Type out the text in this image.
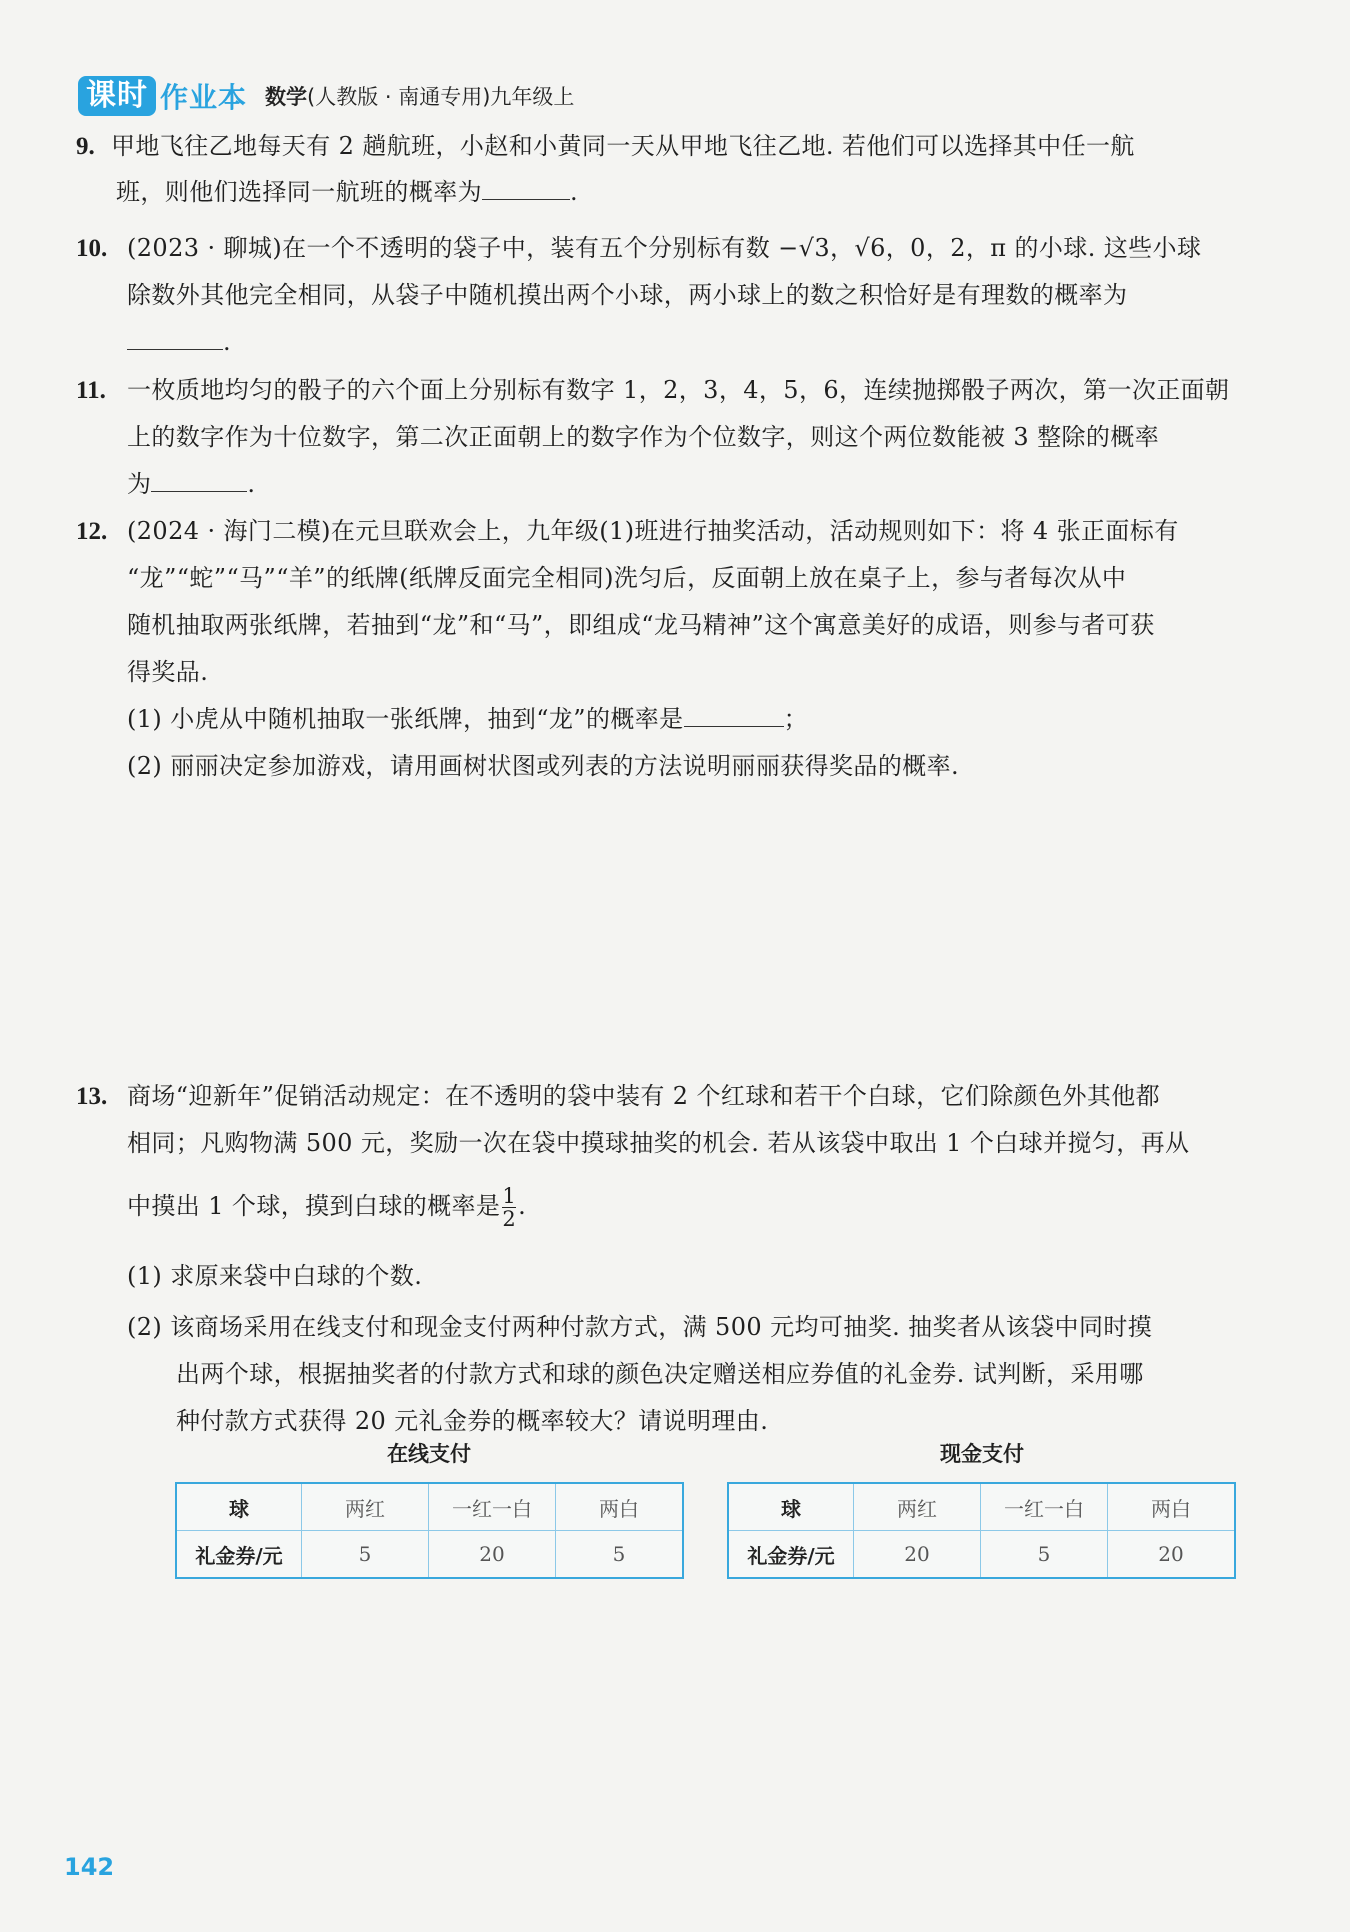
课时 作业本 数学(人教版 · 南通专用)九年级上
9. 甲地飞往乙地每天有 2 趟航班，小赵和小黄同一天从甲地飞往乙地. 若他们可以选择其中任一航
班，则他们选择同一航班的概率为	.
10. (2023 · 聊城)在一个不透明的袋子中，装有五个分别标有数 −√3，√6，0，2，π 的小球. 这些小球
除数外其他完全相同，从袋子中随机摸出两个小球，两小球上的数之积恰好是有理数的概率为
.
11. 一枚质地均匀的骰子的六个面上分别标有数字 1，2，3，4，5，6，连续抛掷骰子两次，第一次正面朝
上的数字作为十位数字，第二次正面朝上的数字作为个位数字，则这个两位数能被 3 整除的概率
为	.
12. (2024 · 海门二模)在元旦联欢会上，九年级(1)班进行抽奖活动，活动规则如下：将 4 张正面标有
“龙”“蛇”“马”“羊”的纸牌(纸牌反面完全相同)洗匀后，反面朝上放在桌子上，参与者每次从中
随机抽取两张纸牌，若抽到“龙”和“马”，即组成“龙马精神”这个寓意美好的成语，则参与者可获
得奖品.
(1) 小虎从中随机抽取一张纸牌，抽到“龙”的概率是	；
(2) 丽丽决定参加游戏，请用画树状图或列表的方法说明丽丽获得奖品的概率.
13. 商场“迎新年”促销活动规定：在不透明的袋中装有 2 个红球和若干个白球，它们除颜色外其他都
相同；凡购物满 500 元，奖励一次在袋中摸球抽奖的机会. 若从该袋中取出 1 个白球并搅匀，再从
中摸出 1 个球，摸到白球的概率是 $\frac{1}{2}$ .
(1) 求原来袋中白球的个数.
(2) 该商场采用在线支付和现金支付两种付款方式，满 500 元均可抽奖. 抽奖者从该袋中同时摸
出两个球，根据抽奖者的付款方式和球的颜色决定赠送相应券值的礼金券. 试判断，采用哪
种付款方式获得 20 元礼金券的概率较大？请说明理由.
在线支付
球	两红	一红一白	两白
礼金券/元	5	20	5
现金支付
球	两红	一红一白	两白
礼金券/元	20	5	20
142
